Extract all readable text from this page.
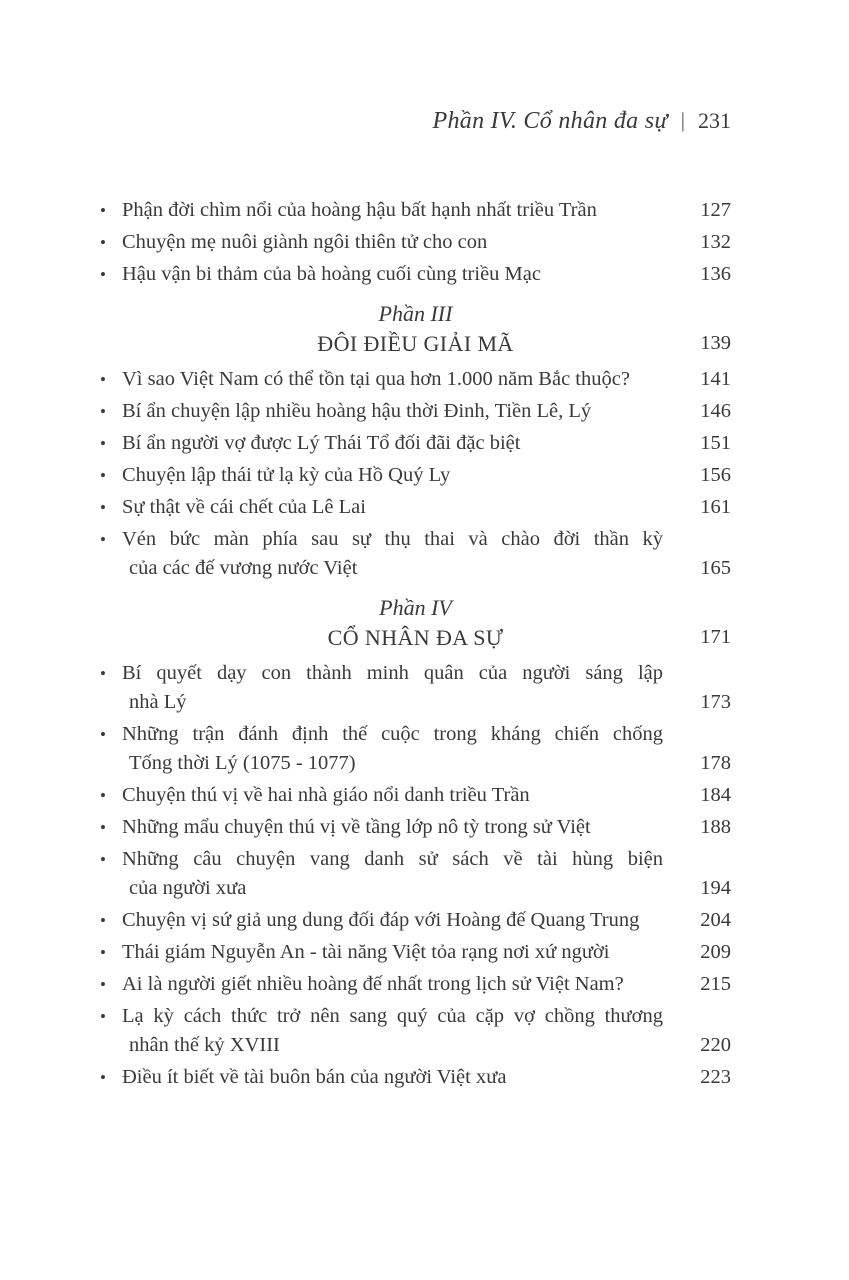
Phần IV. Cổ nhân đa sự | 231
• Phận đời chìm nổi của hoàng hậu bất hạnh nhất triều Trần	127
• Chuyện mẹ nuôi giành ngôi thiên tử cho con	132
• Hậu vận bi thảm của bà hoàng cuối cùng triều Mạc	136
Phần III
ĐÔI ĐIỀU GIẢI MÃ	139
• Vì sao Việt Nam có thể tồn tại qua hơn 1.000 năm Bắc thuộc?	141
• Bí ẩn chuyện lập nhiều hoàng hậu thời Đinh, Tiền Lê, Lý	146
• Bí ẩn người vợ được Lý Thái Tổ đối đãi đặc biệt	151
• Chuyện lập thái tử lạ kỳ của Hồ Quý Ly	156
• Sự thật về cái chết của Lê Lai	161
• Vén bức màn phía sau sự thụ thai và chào đời thần kỳ
của các đế vương nước Việt	165
Phần IV
CỔ NHÂN ĐA SỰ	171
• Bí quyết dạy con thành minh quân của người sáng lập
nhà Lý	173
• Những trận đánh định thế cuộc trong kháng chiến chống
Tống thời Lý (1075 - 1077)	178
• Chuyện thú vị về hai nhà giáo nổi danh triều Trần	184
• Những mẩu chuyện thú vị về tầng lớp nô tỳ trong sử Việt	188
• Những câu chuyện vang danh sử sách về tài hùng biện
của người xưa	194
• Chuyện vị sứ giả ung dung đối đáp với Hoàng đế Quang Trung	204
• Thái giám Nguyễn An - tài năng Việt tỏa rạng nơi xứ người	209
• Ai là người giết nhiều hoàng đế nhất trong lịch sử Việt Nam?	215
• Lạ kỳ cách thức trở nên sang quý của cặp vợ chồng thương
nhân thế kỷ XVIII	220
• Điều ít biết về tài buôn bán của người Việt xưa	223
